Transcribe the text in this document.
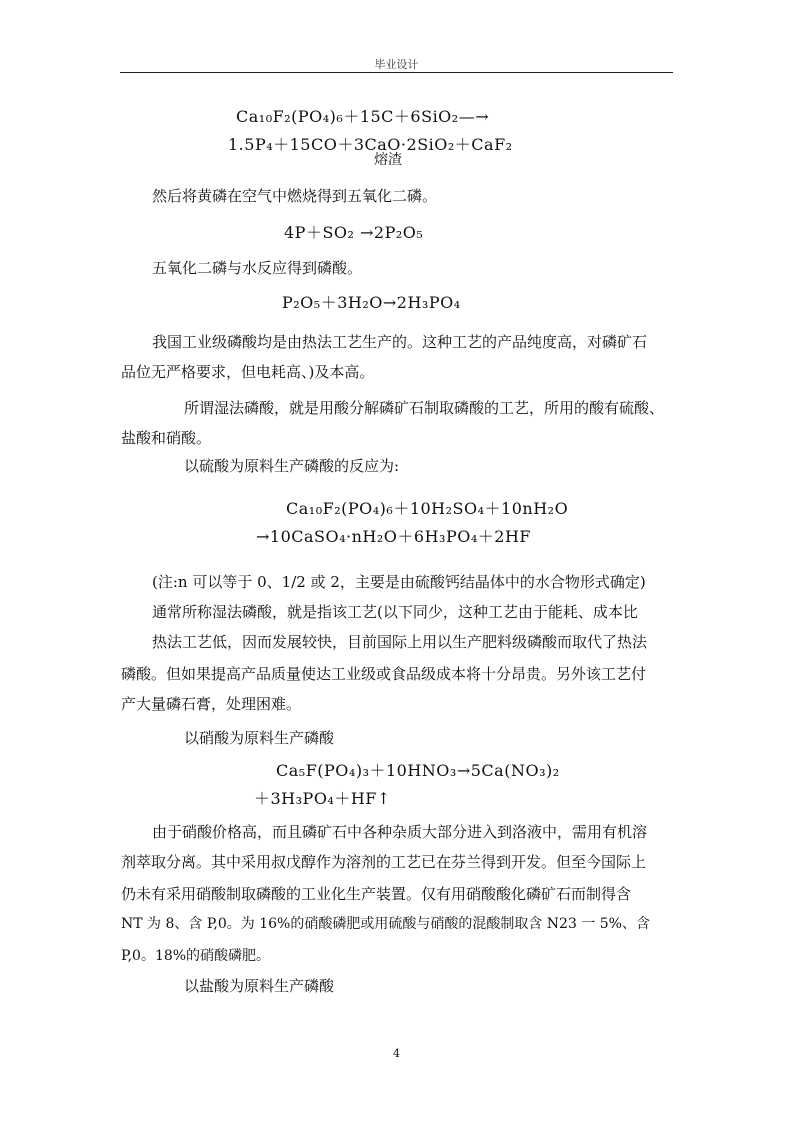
毕业设计
Ca₁₀F₂(PO₄)₆＋15C＋6SiO₂—→
1.5P₄＋15CO＋3CaO·2SiO₂＋CaF₂
熔渣
然后将黄磷在空气中燃烧得到五氧化二磷。
4P＋SO₂ →2P₂O₅
五氧化二磷与水反应得到磷酸。
P₂O₅＋3H₂O→2H₃PO₄
我国工业级磷酸均是由热法工艺生产的。这种工艺的产品纯度高，对磷矿石
品位无严格要求，但电耗高、)及本高。
所谓湿法磷酸，就是用酸分解磷矿石制取磷酸的工艺，所用的酸有硫酸、
盐酸和硝酸。
以硫酸为原料生产磷酸的反应为:
Ca₁₀F₂(PO₄)₆＋10H₂SO₄＋10nH₂O
→10CaSO₄·nH₂O＋6H₃PO₄＋2HF
(注:n 可以等于 0、1/2 或 2，主要是由硫酸钙结晶体中的水合物形式确定)
通常所称湿法磷酸，就是指该工艺(以下同少，这种工艺由于能耗、成本比
热法工艺低，因而发展较快，目前国际上用以生产肥料级磷酸而取代了热法
磷酸。但如果提高产品质量使达工业级或食品级成本将十分昂贵。另外该工艺付
产大量磷石膏，处理困难。
以硝酸为原料生产磷酸
Ca₅F(PO₄)₃＋10HNO₃→5Ca(NO₃)₂
＋3H₃PO₄＋HF↑
由于硝酸价格高，而且磷矿石中各种杂质大部分进入到洛液中，需用有机溶
剂萃取分离。其中采用叔戊醇作为溶剂的工艺已在芬兰得到开发。但至今国际上
仍未有采用硝酸制取磷酸的工业化生产装置。仅有用硝酸酸化磷矿石而制得含
NT 为 8、含 P,0。为 16%的硝酸磷肥或用硫酸与硝酸的混酸制取含 N23 一 5%、含
P,0。18%的硝酸磷肥。
以盐酸为原料生产磷酸
4
